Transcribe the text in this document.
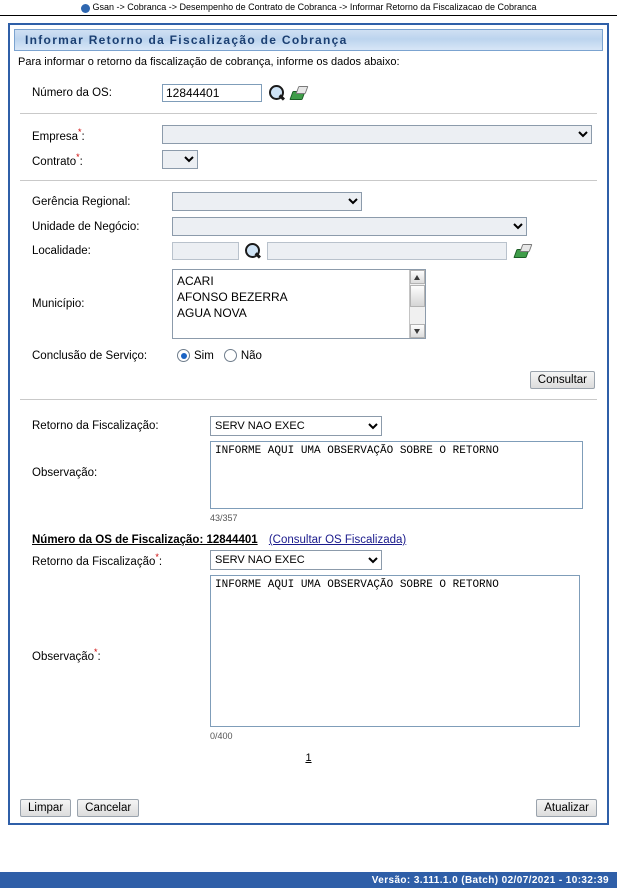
Gsan -> Cobranca -> Desempenho de Contrato de Cobranca -> Informar Retorno da Fiscalizacao de Cobranca
Informar Retorno da Fiscalização de Cobrança
Para informar o retorno da fiscalização de cobrança, informe os dados abaixo:
Número da OS:
12844401
Empresa*:
Contrato*:
Gerência Regional:
Unidade de Negócio:
Localidade:
Município:
ACARI
AFONSO BEZERRA
AGUA NOVA
Conclusão de Serviço:	Sim Não
Consultar
Retorno da Fiscalização:
SERV NAO EXEC
Observação:
INFORME AQUI UMA OBSERVAÇÃO SOBRE O RETORNO
43/357
Número da OS de Fiscalização: 12844401 (Consultar OS Fiscalizada)
Retorno da Fiscalização*:
SERV NAO EXEC
Observação*:
INFORME AQUI UMA OBSERVAÇÃO SOBRE O RETORNO
0/400
1
Limpar	Cancelar	Atualizar
Versão: 3.111.1.0 (Batch) 02/07/2021 - 10:32:39
